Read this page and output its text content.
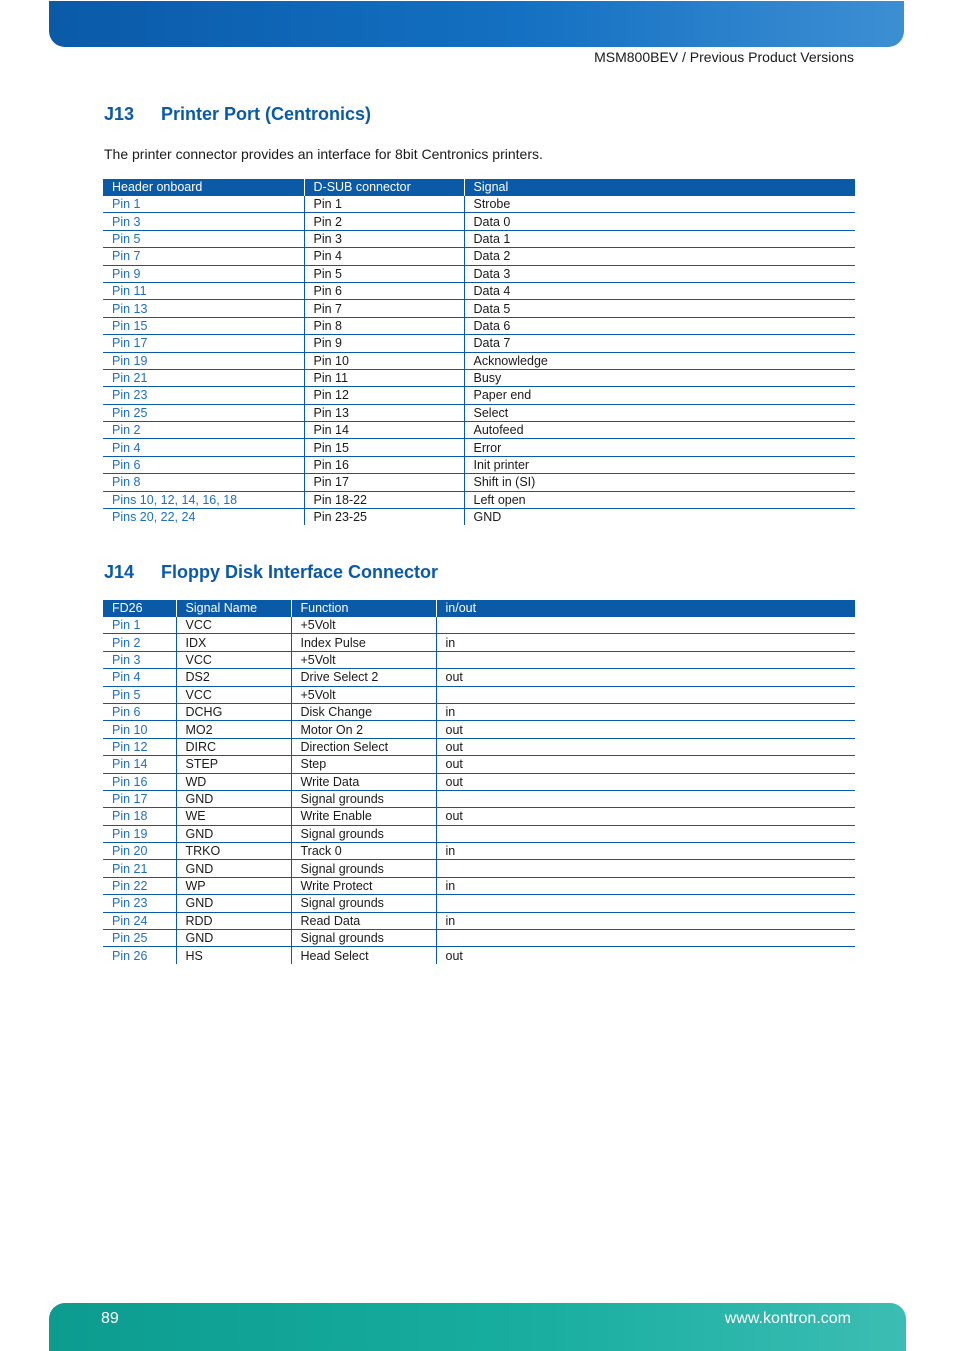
MSM800BEV / Previous Product Versions
J13 Printer Port (Centronics)
The printer connector provides an interface for 8bit Centronics printers.
Header onboard	D-SUB connector	Signal
Pin 1	Pin 1	Strobe
Pin 3	Pin 2	Data 0
Pin 5	Pin 3	Data 1
Pin 7	Pin 4	Data 2
Pin 9	Pin 5	Data 3
Pin 11	Pin 6	Data 4
Pin 13	Pin 7	Data 5
Pin 15	Pin 8	Data 6
Pin 17	Pin 9	Data 7
Pin 19	Pin 10	Acknowledge
Pin 21	Pin 11	Busy
Pin 23	Pin 12	Paper end
Pin 25	Pin 13	Select
Pin 2	Pin 14	Autofeed
Pin 4	Pin 15	Error
Pin 6	Pin 16	Init printer
Pin 8	Pin 17	Shift in (SI)
Pins 10, 12, 14, 16, 18	Pin 18-22	Left open
Pins 20, 22, 24	Pin 23-25	GND
J14 Floppy Disk Interface Connector
FD26	Signal Name	Function	in/out
Pin 1	VCC	+5Volt	
Pin 2	IDX	Index Pulse	in
Pin 3	VCC	+5Volt	
Pin 4	DS2	Drive Select 2	out
Pin 5	VCC	+5Volt	
Pin 6	DCHG	Disk Change	in
Pin 10	MO2	Motor On 2	out
Pin 12	DIRC	Direction Select	out
Pin 14	STEP	Step	out
Pin 16	WD	Write Data	out
Pin 17	GND	Signal grounds	
Pin 18	WE	Write Enable	out
Pin 19	GND	Signal grounds	
Pin 20	TRKO	Track 0	in
Pin 21	GND	Signal grounds	
Pin 22	WP	Write Protect	in
Pin 23	GND	Signal grounds	
Pin 24	RDD	Read Data	in
Pin 25	GND	Signal grounds	
Pin 26	HS	Head Select	out
89	www.kontron.com
